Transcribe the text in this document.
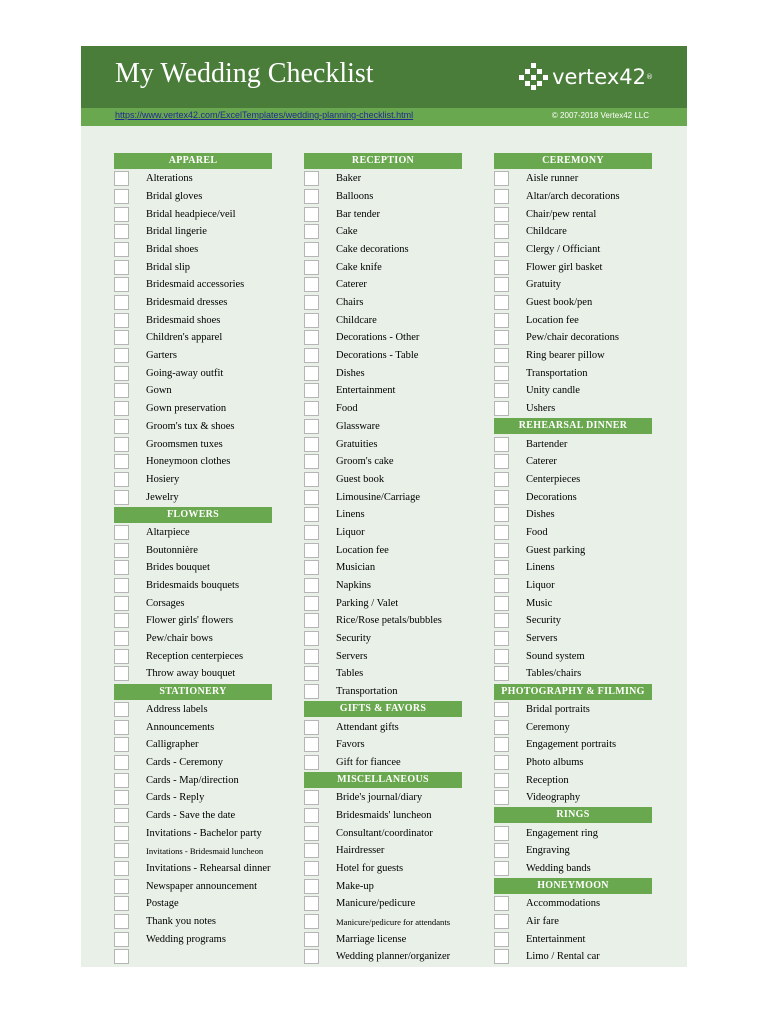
My Wedding Checklist	vertex42 ®
https://www.vertex42.com/ExcelTemplates/wedding-planning-checklist.html	© 2007-2018 Vertex42 LLC
APPAREL
Alterations
Bridal gloves
Bridal headpiece/veil
Bridal lingerie
Bridal shoes
Bridal slip
Bridesmaid accessories
Bridesmaid dresses
Bridesmaid shoes
Children's apparel
Garters
Going-away outfit
Gown
Gown preservation
Groom's tux & shoes
Groomsmen tuxes
Honeymoon clothes
Hosiery
Jewelry
FLOWERS
Altarpiece
Boutonnière
Brides bouquet
Bridesmaids bouquets
Corsages
Flower girls' flowers
Pew/chair bows
Reception centerpieces
Throw away bouquet
STATIONERY
Address labels
Announcements
Calligrapher
Cards - Ceremony
Cards - Map/direction
Cards - Reply
Cards - Save the date
Invitations - Bachelor party
Invitations - Bridesmaid luncheon
Invitations - Rehearsal dinner
Newspaper announcement
Postage
Thank you notes
Wedding programs
RECEPTION
Baker
Balloons
Bar tender
Cake
Cake decorations
Cake knife
Caterer
Chairs
Childcare
Decorations - Other
Decorations - Table
Dishes
Entertainment
Food
Glassware
Gratuities
Groom's cake
Guest book
Limousine/Carriage
Linens
Liquor
Location fee
Musician
Napkins
Parking / Valet
Rice/Rose petals/bubbles
Security
Servers
Tables
Transportation
GIFTS & FAVORS
Attendant gifts
Favors
Gift for fiancee
MISCELLANEOUS
Bride's journal/diary
Bridesmaids' luncheon
Consultant/coordinator
Hairdresser
Hotel for guests
Make-up
Manicure/pedicure
Manicure/pedicure for attendants
Marriage license
Wedding planner/organizer
CEREMONY
Aisle runner
Altar/arch decorations
Chair/pew rental
Childcare
Clergy / Officiant
Flower girl basket
Gratuity
Guest book/pen
Location fee
Pew/chair decorations
Ring bearer pillow
Transportation
Unity candle
Ushers
REHEARSAL DINNER
Bartender
Caterer
Centerpieces
Decorations
Dishes
Food
Guest parking
Linens
Liquor
Music
Security
Servers
Sound system
Tables/chairs
PHOTOGRAPHY & FILMING
Bridal portraits
Ceremony
Engagement portraits
Photo albums
Reception
Videography
RINGS
Engagement ring
Engraving
Wedding bands
HONEYMOON
Accommodations
Air fare
Entertainment
Limo / Rental car
